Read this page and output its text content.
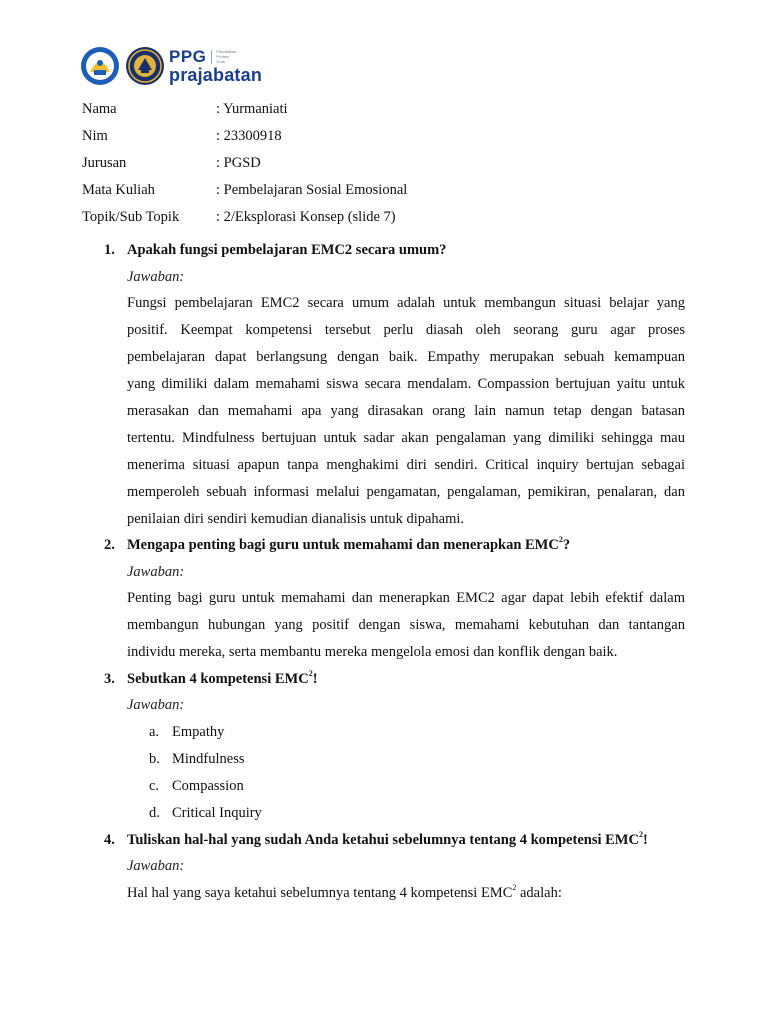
PPG	Pendidikan
Profesi
Guru
prajabatan
Nama	: Yurmaniati
Nim	: 23300918
Jurusan	: PGSD
Mata Kuliah	: Pembelajaran Sosial Emosional
Topik/Sub Topik	: 2/Eksplorasi Konsep (slide 7)
1. Apakah fungsi pembelajaran EMC2 secara umum?
Jawaban:
Fungsi pembelajaran EMC2 secara umum adalah untuk membangun situasi belajar yang
positif. Keempat kompetensi tersebut perlu diasah oleh seorang guru agar proses
pembelajaran dapat berlangsung dengan baik. Empathy merupakan sebuah kemampuan
yang dimiliki dalam memahami siswa secara mendalam. Compassion bertujuan yaitu untuk
merasakan dan memahami apa yang dirasakan orang lain namun tetap dengan batasan
tertentu. Mindfulness bertujuan untuk sadar akan pengalaman yang dimiliki sehingga mau
menerima situasi apapun tanpa menghakimi diri sendiri. Critical inquiry bertujan sebagai
memperoleh sebuah informasi melalui pengamatan, pengalaman, pemikiran, penalaran, dan
penilaian diri sendiri kemudian dianalisis untuk dipahami.
2. Mengapa penting bagi guru untuk memahami dan menerapkan EMC$^2$?
Jawaban:
Penting bagi guru untuk memahami dan menerapkan EMC2 agar dapat lebih efektif dalam
membangun hubungan yang positif dengan siswa, memahami kebutuhan dan tantangan
individu mereka, serta membantu mereka mengelola emosi dan konflik dengan baik.
3. Sebutkan 4 kompetensi EMC$^2$!
Jawaban:
a. Empathy
b. Mindfulness
c. Compassion
d. Critical Inquiry
4. Tuliskan hal-hal yang sudah Anda ketahui sebelumnya tentang 4 kompetensi EMC$^2$!
Jawaban:
Hal hal yang saya ketahui sebelumnya tentang 4 kompetensi EMC$^2$ adalah:
